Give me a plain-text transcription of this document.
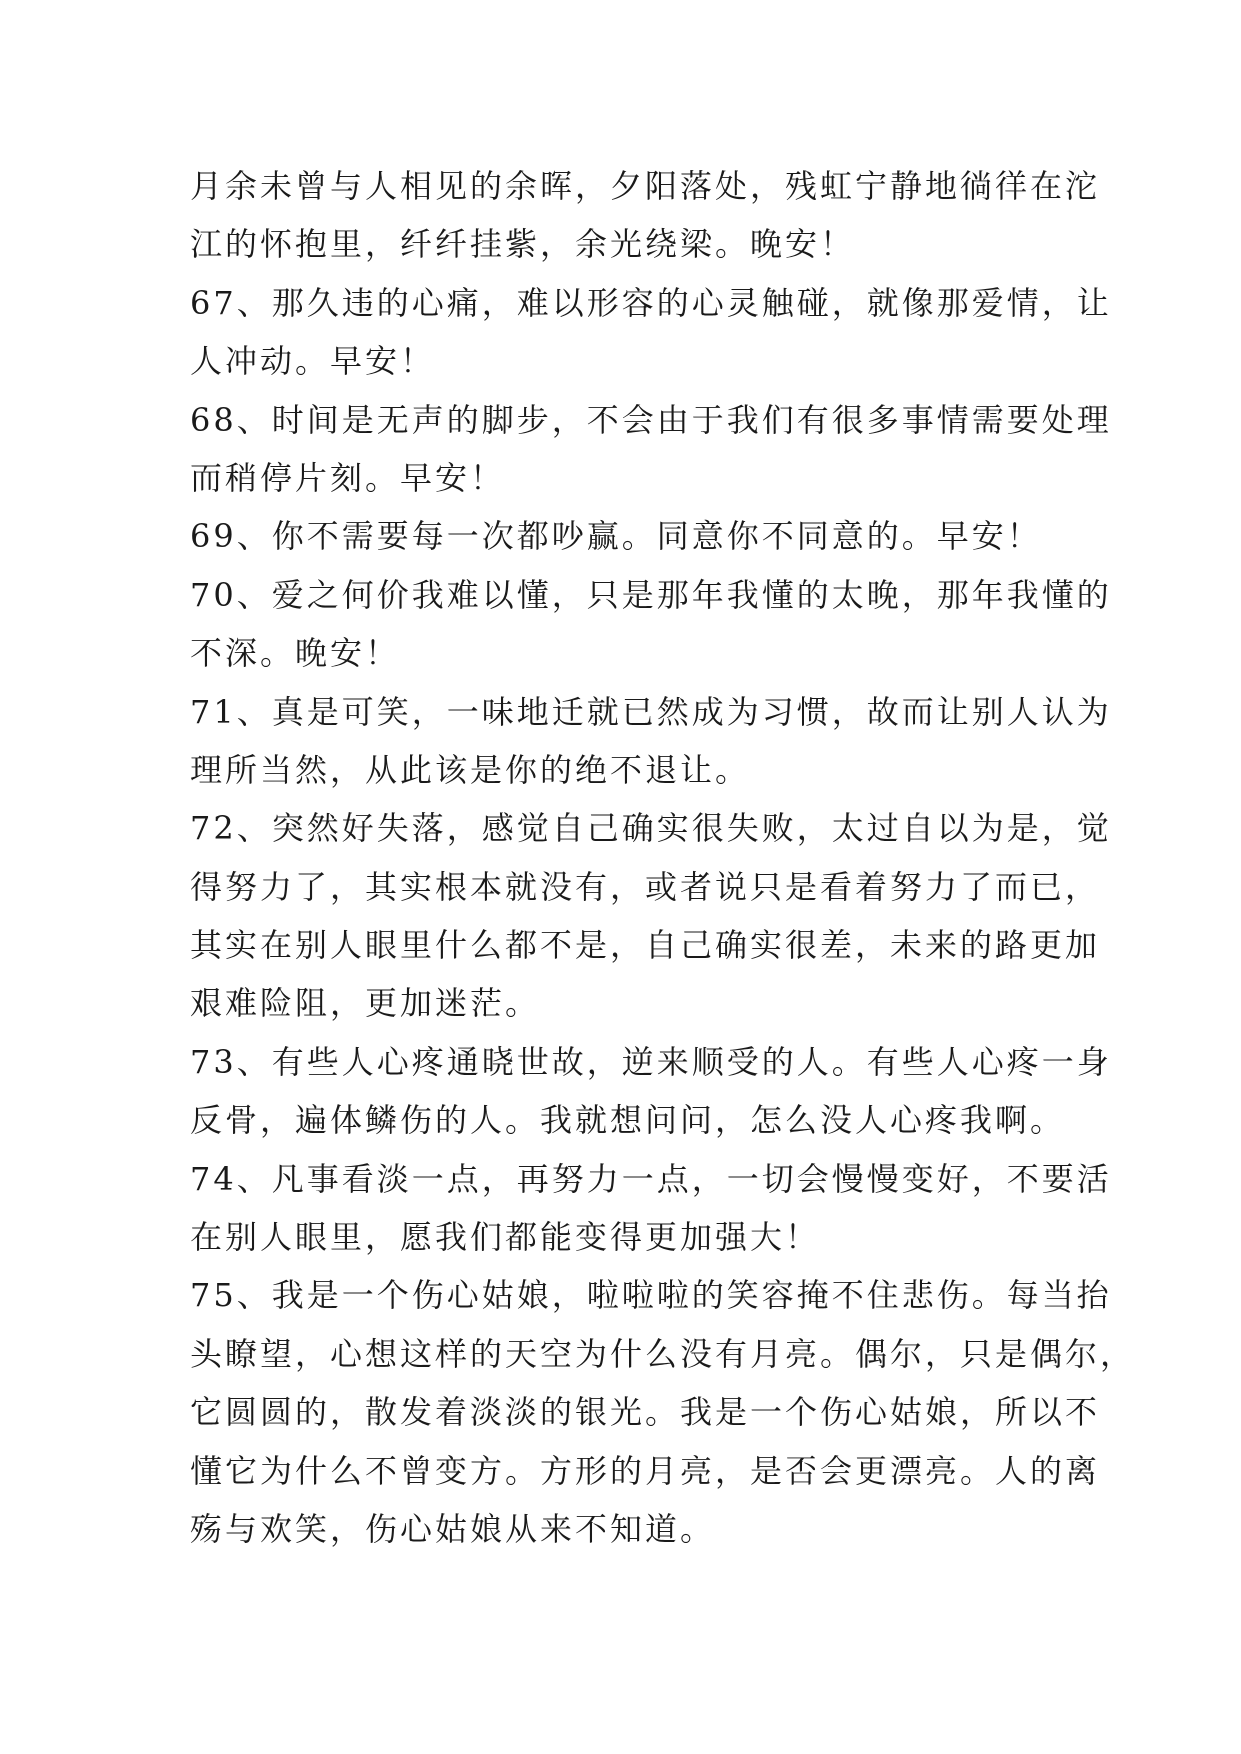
月余未曾与人相见的余晖，夕阳落处，残虹宁静地徜徉在沱
江的怀抱里，纤纤挂紫，余光绕梁。晚安！
67、那久违的心痛，难以形容的心灵触碰，就像那爱情，让
人冲动。早安！
68、时间是无声的脚步，不会由于我们有很多事情需要处理
而稍停片刻。早安！
69、你不需要每一次都吵赢。同意你不同意的。早安！
70、爱之何价我难以懂，只是那年我懂的太晚，那年我懂的
不深。晚安！
71、真是可笑，一味地迁就已然成为习惯，故而让别人认为
理所当然，从此该是你的绝不退让。
72、突然好失落，感觉自己确实很失败，太过自以为是，觉
得努力了，其实根本就没有，或者说只是看着努力了而已，
其实在别人眼里什么都不是，自己确实很差，未来的路更加
艰难险阻，更加迷茫。
73、有些人心疼通晓世故，逆来顺受的人。有些人心疼一身
反骨，遍体鳞伤的人。我就想问问，怎么没人心疼我啊。
74、凡事看淡一点，再努力一点，一切会慢慢变好，不要活
在别人眼里，愿我们都能变得更加强大！
75、我是一个伤心姑娘，啦啦啦的笑容掩不住悲伤。每当抬
头瞭望，心想这样的天空为什么没有月亮。偶尔，只是偶尔，
它圆圆的，散发着淡淡的银光。我是一个伤心姑娘，所以不
懂它为什么不曾变方。方形的月亮，是否会更漂亮。人的离
殇与欢笑，伤心姑娘从来不知道。
